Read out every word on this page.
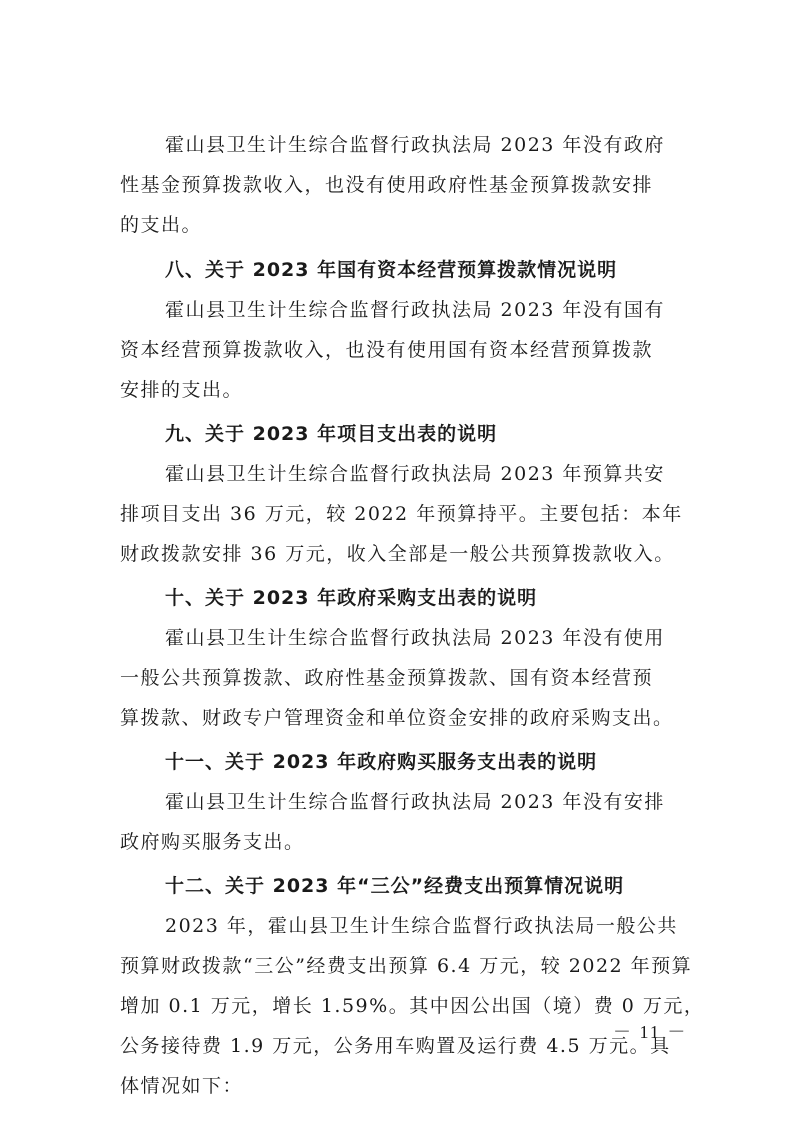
霍山县卫生计生综合监督行政执法局 2023 年没有政府
性基金预算拨款收入，也没有使用政府性基金预算拨款安排
的支出。
八、关于 2023 年国有资本经营预算拨款情况说明
霍山县卫生计生综合监督行政执法局 2023 年没有国有
资本经营预算拨款收入，也没有使用国有资本经营预算拨款
安排的支出。
九、关于 2023 年项目支出表的说明
霍山县卫生计生综合监督行政执法局 2023 年预算共安
排项目支出 36 万元，较 2022 年预算持平。主要包括：本年
财政拨款安排 36 万元，收入全部是一般公共预算拨款收入。
十、关于 2023 年政府采购支出表的说明
霍山县卫生计生综合监督行政执法局 2023 年没有使用
一般公共预算拨款、政府性基金预算拨款、国有资本经营预
算拨款、财政专户管理资金和单位资金安排的政府采购支出。
十一、关于 2023 年政府购买服务支出表的说明
霍山县卫生计生综合监督行政执法局 2023 年没有安排
政府购买服务支出。
十二、关于 2023 年“三公”经费支出预算情况说明
2023 年，霍山县卫生计生综合监督行政执法局一般公共
预算财政拨款“三公”经费支出预算 6.4 万元，较 2022 年预算
增加 0.1 万元，增长 1.59%。其中因公出国（境）费 0 万元，
公务接待费 1.9 万元，公务用车购置及运行费 4.5 万元。具
体情况如下：
－ 11 －
